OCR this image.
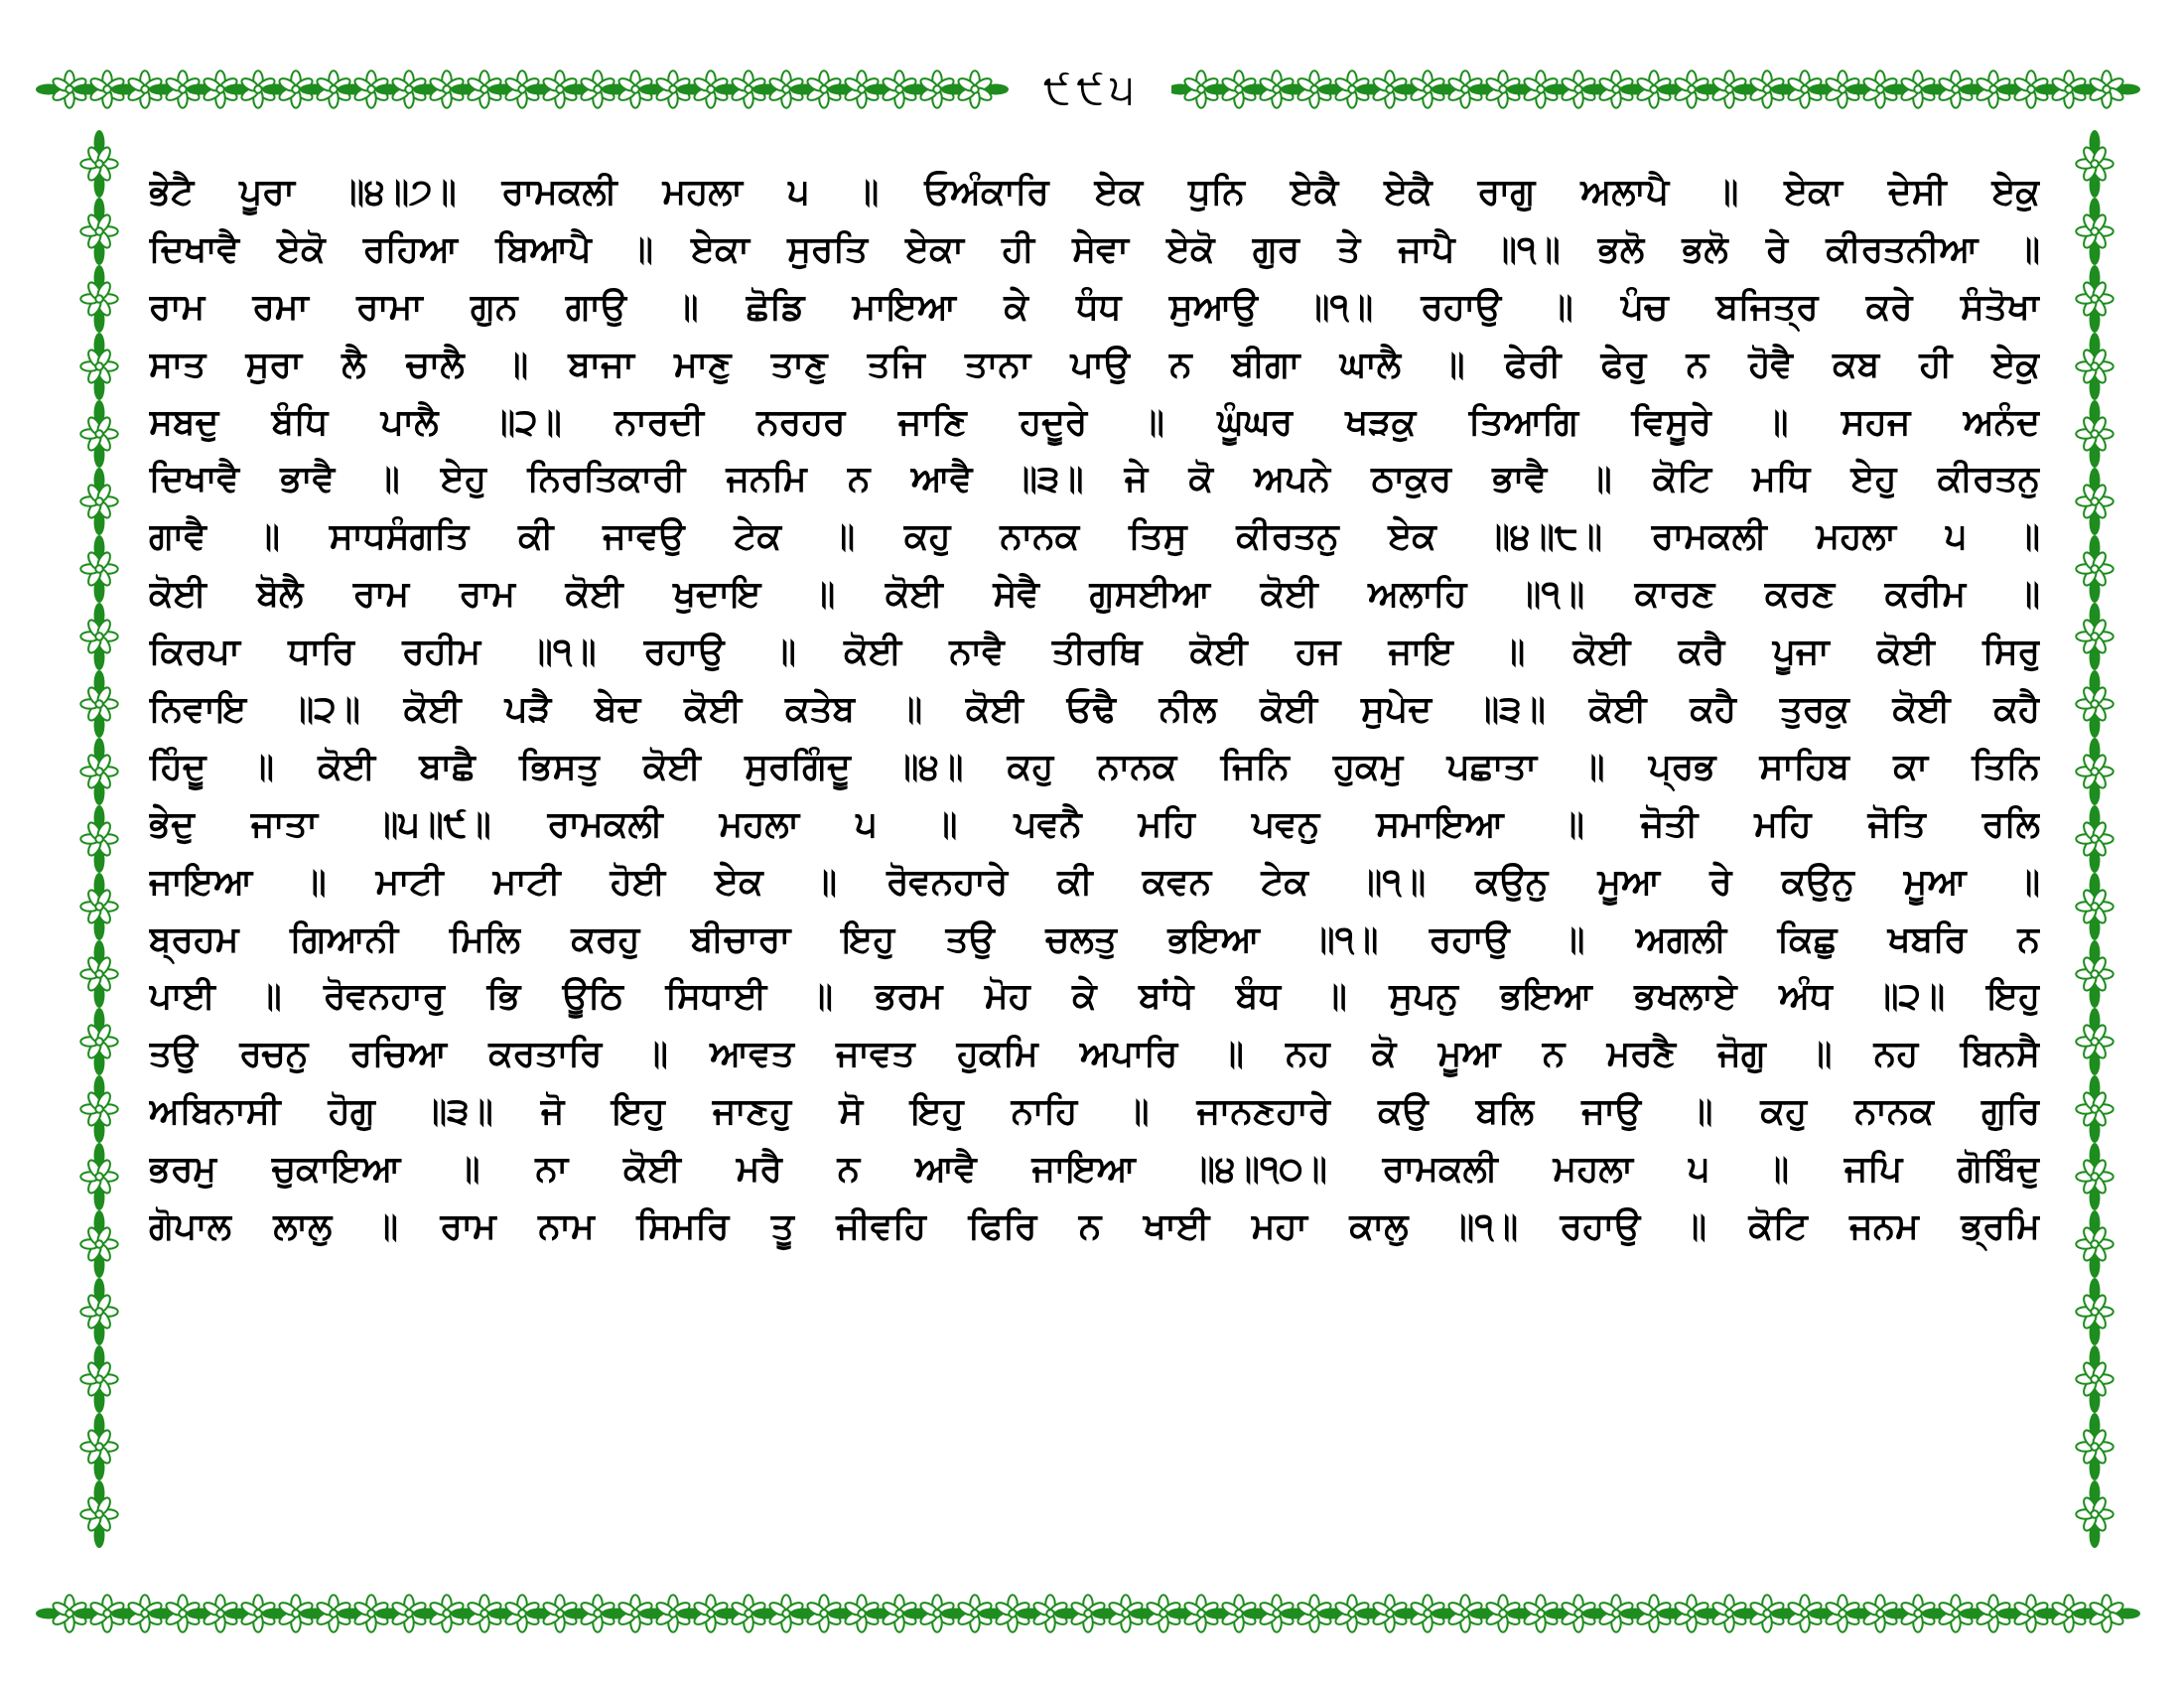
੯੯੫
ਭੇਟੈ ਪੂਰਾ ॥੪॥੭॥ ਰਾਮਕਲੀ ਮਹਲਾ ੫ ॥ ਓਅੰਕਾਰਿ ਏਕ ਧੁਨਿ ਏਕੈ ਏਕੈ ਰਾਗੁ ਅਲਾਪੈ ॥ ਏਕਾ ਦੇਸੀ ਏਕੁ
ਦਿਖਾਵੈ ਏਕੋ ਰਹਿਆ ਬਿਆਪੈ ॥ ਏਕਾ ਸੁਰਤਿ ਏਕਾ ਹੀ ਸੇਵਾ ਏਕੋ ਗੁਰ ਤੇ ਜਾਪੈ ॥੧॥ ਭਲੋ ਭਲੋ ਰੇ ਕੀਰਤਨੀਆ ॥
ਰਾਮ ਰਮਾ ਰਾਮਾ ਗੁਨ ਗਾਉ ॥ ਛੋਡਿ ਮਾਇਆ ਕੇ ਧੰਧ ਸੁਆਉ ॥੧॥ ਰਹਾਉ ॥ ਪੰਚ ਬਜਿਤ੍ਰ ਕਰੇ ਸੰਤੋਖਾ
ਸਾਤ ਸੁਰਾ ਲੈ ਚਾਲੈ ॥ ਬਾਜਾ ਮਾਣੁ ਤਾਣੁ ਤਜਿ ਤਾਨਾ ਪਾਉ ਨ ਬੀਗਾ ਘਾਲੈ ॥ ਫੇਰੀ ਫੇਰੁ ਨ ਹੋਵੈ ਕਬ ਹੀ ਏਕੁ
ਸਬਦੁ ਬੰਧਿ ਪਾਲੈ ॥੨॥ ਨਾਰਦੀ ਨਰਹਰ ਜਾਣਿ ਹਦੂਰੇ ॥ ਘੂੰਘਰ ਖੜਕੁ ਤਿਆਗਿ ਵਿਸੂਰੇ ॥ ਸਹਜ ਅਨੰਦ
ਦਿਖਾਵੈ ਭਾਵੈ ॥ ਏਹੁ ਨਿਰਤਿਕਾਰੀ ਜਨਮਿ ਨ ਆਵੈ ॥੩॥ ਜੇ ਕੋ ਅਪਨੇ ਠਾਕੁਰ ਭਾਵੈ ॥ ਕੋਟਿ ਮਧਿ ਏਹੁ ਕੀਰਤਨੁ
ਗਾਵੈ ॥ ਸਾਧਸੰਗਤਿ ਕੀ ਜਾਵਉ ਟੇਕ ॥ ਕਹੁ ਨਾਨਕ ਤਿਸੁ ਕੀਰਤਨੁ ਏਕ ॥੪॥੮॥ ਰਾਮਕਲੀ ਮਹਲਾ ੫ ॥
ਕੋਈ ਬੋਲੈ ਰਾਮ ਰਾਮ ਕੋਈ ਖੁਦਾਇ ॥ ਕੋਈ ਸੇਵੈ ਗੁਸਈਆ ਕੋਈ ਅਲਾਹਿ ॥੧॥ ਕਾਰਣ ਕਰਣ ਕਰੀਮ ॥
ਕਿਰਪਾ ਧਾਰਿ ਰਹੀਮ ॥੧॥ ਰਹਾਉ ॥ ਕੋਈ ਨਾਵੈ ਤੀਰਥਿ ਕੋਈ ਹਜ ਜਾਇ ॥ ਕੋਈ ਕਰੈ ਪੂਜਾ ਕੋਈ ਸਿਰੁ
ਨਿਵਾਇ ॥੨॥ ਕੋਈ ਪੜੈ ਬੇਦ ਕੋਈ ਕਤੇਬ ॥ ਕੋਈ ਓਢੈ ਨੀਲ ਕੋਈ ਸੁਪੇਦ ॥੩॥ ਕੋਈ ਕਹੈ ਤੁਰਕੁ ਕੋਈ ਕਹੈ
ਹਿੰਦੂ ॥ ਕੋਈ ਬਾਛੈ ਭਿਸਤੁ ਕੋਈ ਸੁਰਗਿੰਦੂ ॥੪॥ ਕਹੁ ਨਾਨਕ ਜਿਨਿ ਹੁਕਮੁ ਪਛਾਤਾ ॥ ਪ੍ਰਭ ਸਾਹਿਬ ਕਾ ਤਿਨਿ
ਭੇਦੁ ਜਾਤਾ ॥੫॥੯॥ ਰਾਮਕਲੀ ਮਹਲਾ ੫ ॥ ਪਵਨੈ ਮਹਿ ਪਵਨੁ ਸਮਾਇਆ ॥ ਜੋਤੀ ਮਹਿ ਜੋਤਿ ਰਲਿ
ਜਾਇਆ ॥ ਮਾਟੀ ਮਾਟੀ ਹੋਈ ਏਕ ॥ ਰੋਵਨਹਾਰੇ ਕੀ ਕਵਨ ਟੇਕ ॥੧॥ ਕਉਨੁ ਮੂਆ ਰੇ ਕਉਨੁ ਮੂਆ ॥
ਬ੍ਰਹਮ ਗਿਆਨੀ ਮਿਲਿ ਕਰਹੁ ਬੀਚਾਰਾ ਇਹੁ ਤਉ ਚਲਤੁ ਭਇਆ ॥੧॥ ਰਹਾਉ ॥ ਅਗਲੀ ਕਿਛੁ ਖਬਰਿ ਨ
ਪਾਈ ॥ ਰੋਵਨਹਾਰੁ ਭਿ ਊਠਿ ਸਿਧਾਈ ॥ ਭਰਮ ਮੋਹ ਕੇ ਬਾਂਧੇ ਬੰਧ ॥ ਸੁਪਨੁ ਭਇਆ ਭਖਲਾਏ ਅੰਧ ॥੨॥ ਇਹੁ
ਤਉ ਰਚਨੁ ਰਚਿਆ ਕਰਤਾਰਿ ॥ ਆਵਤ ਜਾਵਤ ਹੁਕਮਿ ਅਪਾਰਿ ॥ ਨਹ ਕੋ ਮੂਆ ਨ ਮਰਣੈ ਜੋਗੁ ॥ ਨਹ ਬਿਨਸੈ
ਅਬਿਨਾਸੀ ਹੋਗੁ ॥੩॥ ਜੋ ਇਹੁ ਜਾਣਹੁ ਸੋ ਇਹੁ ਨਾਹਿ ॥ ਜਾਨਣਹਾਰੇ ਕਉ ਬਲਿ ਜਾਉ ॥ ਕਹੁ ਨਾਨਕ ਗੁਰਿ
ਭਰਮੁ ਚੁਕਾਇਆ ॥ ਨਾ ਕੋਈ ਮਰੈ ਨ ਆਵੈ ਜਾਇਆ ॥੪॥੧੦॥ ਰਾਮਕਲੀ ਮਹਲਾ ੫ ॥ ਜਪਿ ਗੋਬਿੰਦੁ
ਗੋਪਾਲ ਲਾਲੁ ॥ ਰਾਮ ਨਾਮ ਸਿਮਰਿ ਤੂ ਜੀਵਹਿ ਫਿਰਿ ਨ ਖਾਈ ਮਹਾ ਕਾਲੁ ॥੧॥ ਰਹਾਉ ॥ ਕੋਟਿ ਜਨਮ ਭ੍ਰਮਿ
